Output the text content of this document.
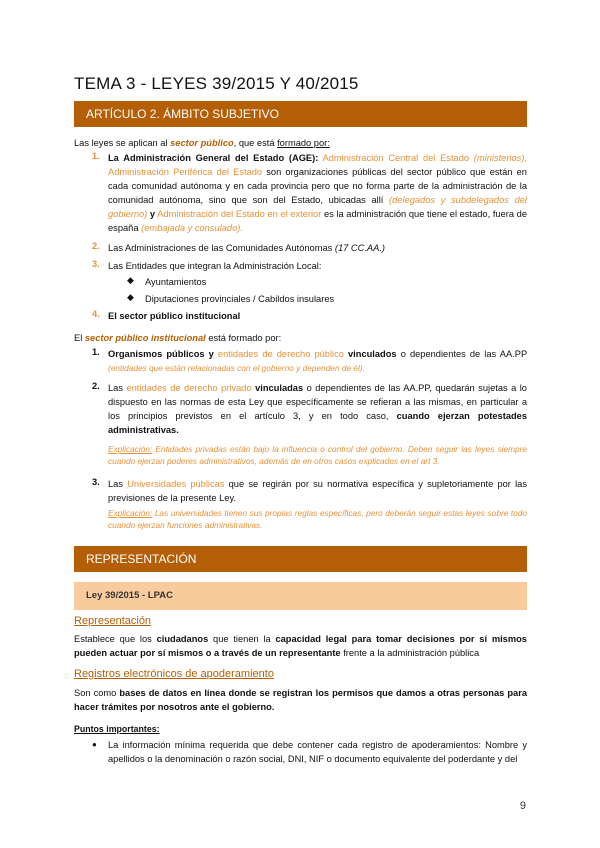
TEMA 3 - LEYES 39/2015 Y 40/2015
ARTÍCULO 2. ÁMBITO SUBJETIVO
Las leyes se aplican al sector público, que está formado por:
1. La Administración General del Estado (AGE): Administración Central del Estado (ministerios), Administración Periférica del Estado son organizaciones públicas del sector público que están en cada comunidad autónoma y en cada provincia pero que no forma parte de la administración de la comunidad autónoma, sino que son del Estado, ubicadas allí (delegados y subdelegados del gobierno) y Administración del Estado en el exterior es la administración que tiene el estado, fuera de españa (embajada y consulado).
2. Las Administraciones de las Comunidades Autónomas (17 CC.AA.)
3. Las Entidades que integran la Administración Local:
◆ Ayuntamientos
◆ Diputaciones provinciales / Cabildos insulares
4. El sector público institucional
El sector público institucional está formado por:
1. Organismos públicos y entidades de derecho público vinculados o dependientes de las AA.PP (entidades que están relacionadas con el gobierno y dependen de él).
2. Las entidades de derecho privado vinculadas o dependientes de las AA.PP, quedarán sujetas a lo dispuesto en las normas de esta Ley que específicamente se refieran a las mismas, en particular a los principios previstos en el artículo 3, y en todo caso, cuando ejerzan potestades administrativas.
Explicación: Entidades privadas están bajo la influencia o control del gobierno. Deben seguir las leyes siempre cuando ejerzan poderes administrativos, además de en otros casos explicados en el art 3.
3. Las Universidades públicas que se regirán por su normativa específica y supletoriamente por las previsiones de la presente Ley.
Explicación: Las universidades tienen sus propias reglas específicas, pero deberán seguir estas leyes sobre todo cuando ejerzan funciones administrativas.
REPRESENTACIÓN
Ley 39/2015 - LPAC
Representación
Establece que los ciudadanos que tienen la capacidad legal para tomar decisiones por sí mismos pueden actuar por sí mismos o a través de un representante frente a la administración pública
Registros electrónicos de apoderamiento
Son como bases de datos en línea donde se registran los permisos que damos a otras personas para hacer trámites por nosotros ante el gobierno.
Puntos importantes:
● La información mínima requerida que debe contener cada registro de apoderamientos: Nombre y apellidos o la denominación o razón social, DNI, NIF o documento equivalente del poderdante y del
9
